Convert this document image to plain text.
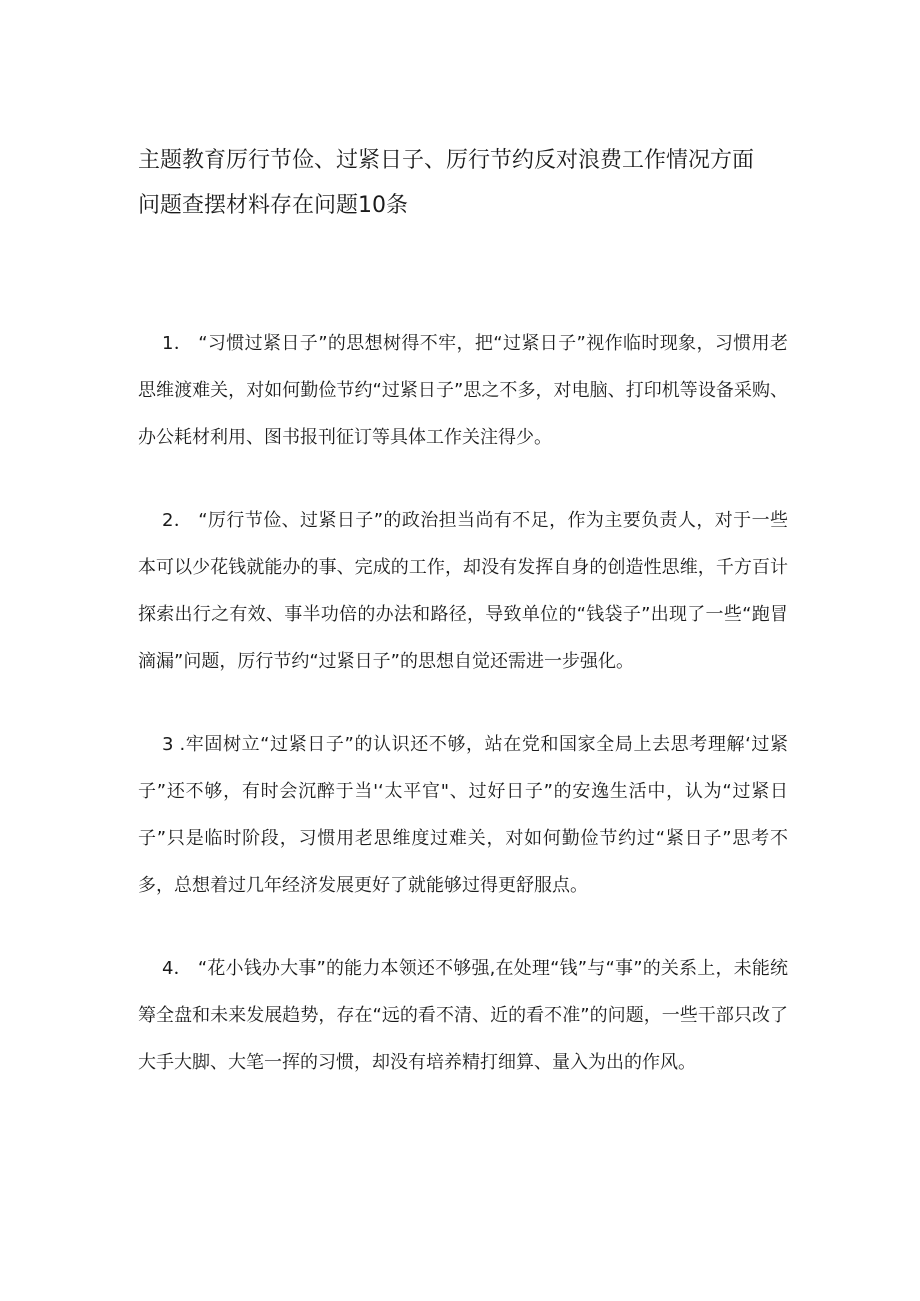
主题教育厉行节俭、过紧日子、厉行节约反对浪费工作情况方面
问题查摆材料存在问题10条

1． “习惯过紧日子”的思想树得不牢，把“过紧日子”视作临时现象，习惯用老思维渡难关，对如何勤俭节约“过紧日子”思之不多，对电脑、打印机等设备采购、办公耗材利用、图书报刊征订等具体工作关注得少。

2． “厉行节俭、过紧日子”的政治担当尚有不足，作为主要负责人，对于一些本可以少花钱就能办的事、完成的工作，却没有发挥自身的创造性思维，千方百计探索出行之有效、事半功倍的办法和路径，导致单位的“钱袋子”出现了一些“跑冒滴漏”问题，厉行节约“过紧日子”的思想自觉还需进一步强化。

3 .牢固树立“过紧日子”的认识还不够，站在党和国家全局上去思考理解‘过紧子”还不够，有时会沉醉于当'‘太平官"、过好日子”的安逸生活中，认为“过紧日子”只是临时阶段，习惯用老思维度过难关，对如何勤俭节约过“紧日子”思考不多，总想着过几年经济发展更好了就能够过得更舒服点。

4． “花小钱办大事”的能力本领还不够强,在处理“钱”与“事”的关系上，未能统筹全盘和未来发展趋势，存在“远的看不清、近的看不准”的问题，一些干部只改了大手大脚、大笔一挥的习惯，却没有培养精打细算、量入为出的作风。
